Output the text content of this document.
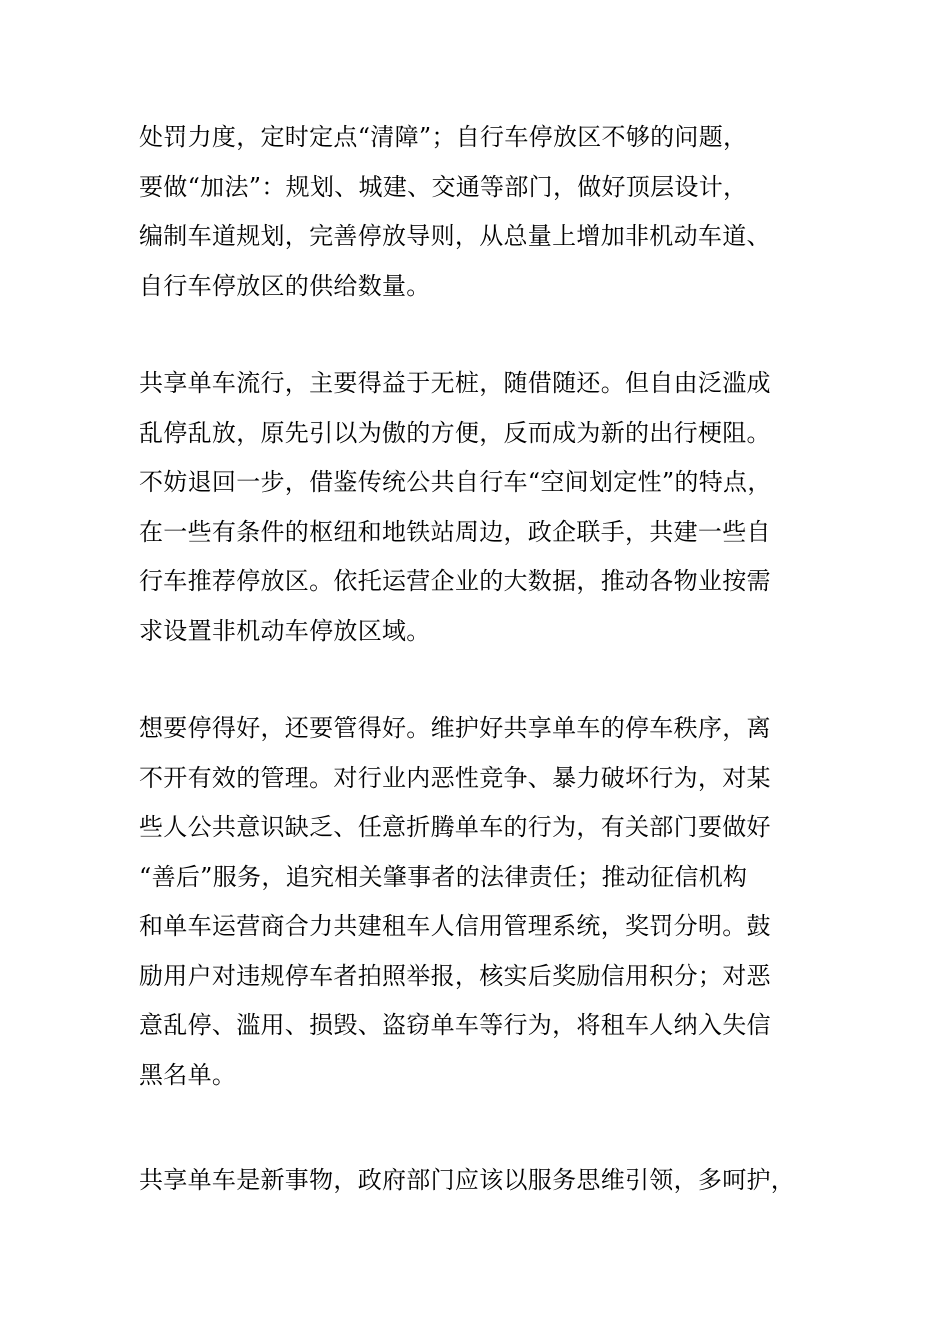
处罚力度，定时定点“清障”；自行车停放区不够的问题，
要做“加法”：规划、城建、交通等部门，做好顶层设计，
编制车道规划，完善停放导则，从总量上增加非机动车道、
自行车停放区的供给数量。
共享单车流行，主要得益于无桩，随借随还。但自由泛滥成
乱停乱放，原先引以为傲的方便，反而成为新的出行梗阻。
不妨退回一步，借鉴传统公共自行车“空间划定性”的特点，
在一些有条件的枢纽和地铁站周边，政企联手，共建一些自
行车推荐停放区。依托运营企业的大数据，推动各物业按需
求设置非机动车停放区域。
想要停得好，还要管得好。维护好共享单车的停车秩序，离
不开有效的管理。对行业内恶性竞争、暴力破坏行为，对某
些人公共意识缺乏、任意折腾单车的行为，有关部门要做好
“善后”服务，追究相关肇事者的法律责任；推动征信机构
和单车运营商合力共建租车人信用管理系统，奖罚分明。鼓
励用户对违规停车者拍照举报，核实后奖励信用积分；对恶
意乱停、滥用、损毁、盗窃单车等行为，将租车人纳入失信
黑名单。
共享单车是新事物，政府部门应该以服务思维引领，多呵护，
